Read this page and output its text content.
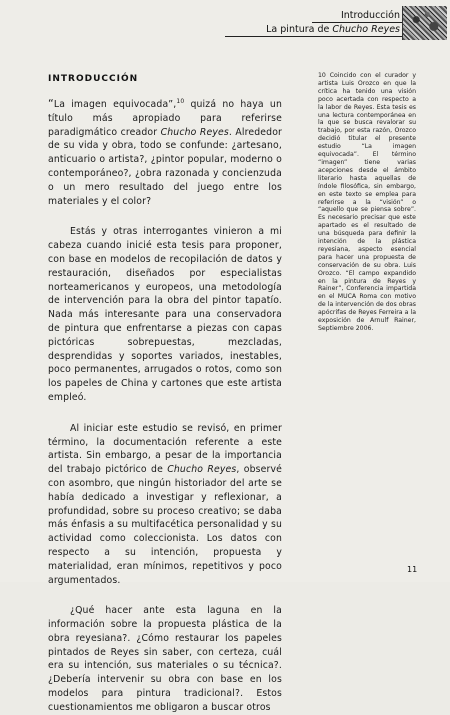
Introducción
La pintura de Chucho Reyes
INTRODUCCIÓN

“La imagen equivocada”,$^{10}$ quizá no haya un título más apropiado para referirse paradigmático creador Chucho Reyes. Alrededor de su vida y obra, todo se confunde: ¿artesano, anticuario o artista?, ¿pintor popular, moderno o contemporáneo?, ¿obra razonada y concienzuda o un mero resultado del juego entre los materiales y el color?

Estás y otras interrogantes vinieron a mi cabeza cuando inicié esta tesis para proponer, con base en modelos de recopilación de datos y restauración, diseñados por especialistas norteamericanos y europeos, una metodología de intervención para la obra del pintor tapatío. Nada más interesante para una conservadora de pintura que enfrentarse a piezas con capas pictóricas sobrepuestas, mezcladas, desprendidas y soportes variados, inestables, poco permanentes, arrugados o rotos, como son los papeles de China y cartones que este artista empleó.

Al iniciar este estudio se revisó, en primer término, la documentación referente a este artista. Sin embargo, a pesar de la importancia del trabajo pictórico de Chucho Reyes, observé con asombro, que ningún historiador del arte se había dedicado a investigar y reflexionar, a profundidad, sobre su proceso creativo; se daba más énfasis a su multifacética personalidad y su actividad como coleccionista. Los datos con respecto a su intención, propuesta y materialidad, eran mínimos, repetitivos y poco argumentados.

¿Qué hacer ante esta laguna en la información sobre la propuesta plástica de la obra reyesiana?. ¿Cómo restaurar los papeles pintados de Reyes sin saber, con certeza, cuál era su intención, sus materiales o su técnica?. ¿Debería intervenir su obra con base en los modelos para pintura tradicional?. Estos cuestionamientos me obligaron a buscar otros

10 Coincido con el curador y artista Luis Orozco en que la crítica ha tenido una visión poco acertada con respecto a la labor de Reyes. Esta tesis es una lectura contemporánea en la que se busca revalorar su trabajo, por esta razón, Orozco decidió titular el presente estudio “La imagen equivocada”. El término “imagen” tiene varias acepciones desde el ámbito literario hasta aquellas de índole filosófica, sin embargo, en este texto se emplea para referirse a la “visión” o “aquello que se piensa sobre”. Es necesario precisar que este apartado es el resultado de una búsqueda para definir la intención de la plástica reyesiana, aspecto esencial para hacer una propuesta de conservación de su obra. Luis Orozco. “El campo expandido en la pintura de Reyes y Rainer”, Conferencia impartida en el MUCA Roma con motivo de la intervención de dos obras apócrifas de Reyes Ferreira a la exposición de Arnulf Rainer, Septiembre 2006.
11
